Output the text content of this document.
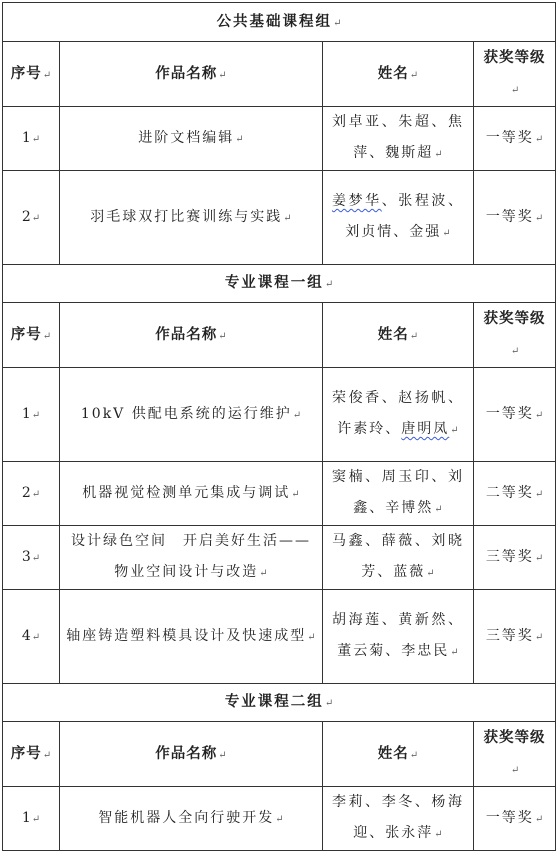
公共基础课程组↵			
序号↵	作品名称↵	姓名↵	获奖等级↵
1↵	进阶文档编辑↵	刘卓亚、朱超、焦萍、魏斯超↵	一等奖↵
2↵	羽毛球双打比赛训练与实践↵	姜梦华、张程波、刘贞情、金强↵	一等奖↵
专业课程一组↵			
序号↵	作品名称↵	姓名↵	获奖等级↵
1↵	10kV 供配电系统的运行维护↵	荣俊香、赵扬帆、许素玲、唐明凤↵	一等奖↵
2↵	机器视觉检测单元集成与调试↵	窦楠、周玉印、刘鑫、辛博然↵	二等奖↵
3↵	设计绿色空间　开启美好生活——物业空间设计与改造↵	马鑫、薛薇、刘晓芳、蓝薇↵	三等奖↵
4↵	轴座铸造塑料模具设计及快速成型↵	胡海莲、黄新然、董云菊、李忠民↵	三等奖↵
专业课程二组↵			
序号↵	作品名称↵	姓名↵	获奖等级↵
1↵	智能机器人全向行驶开发↵	李莉、李冬、杨海迎、张永萍↵	一等奖↵
